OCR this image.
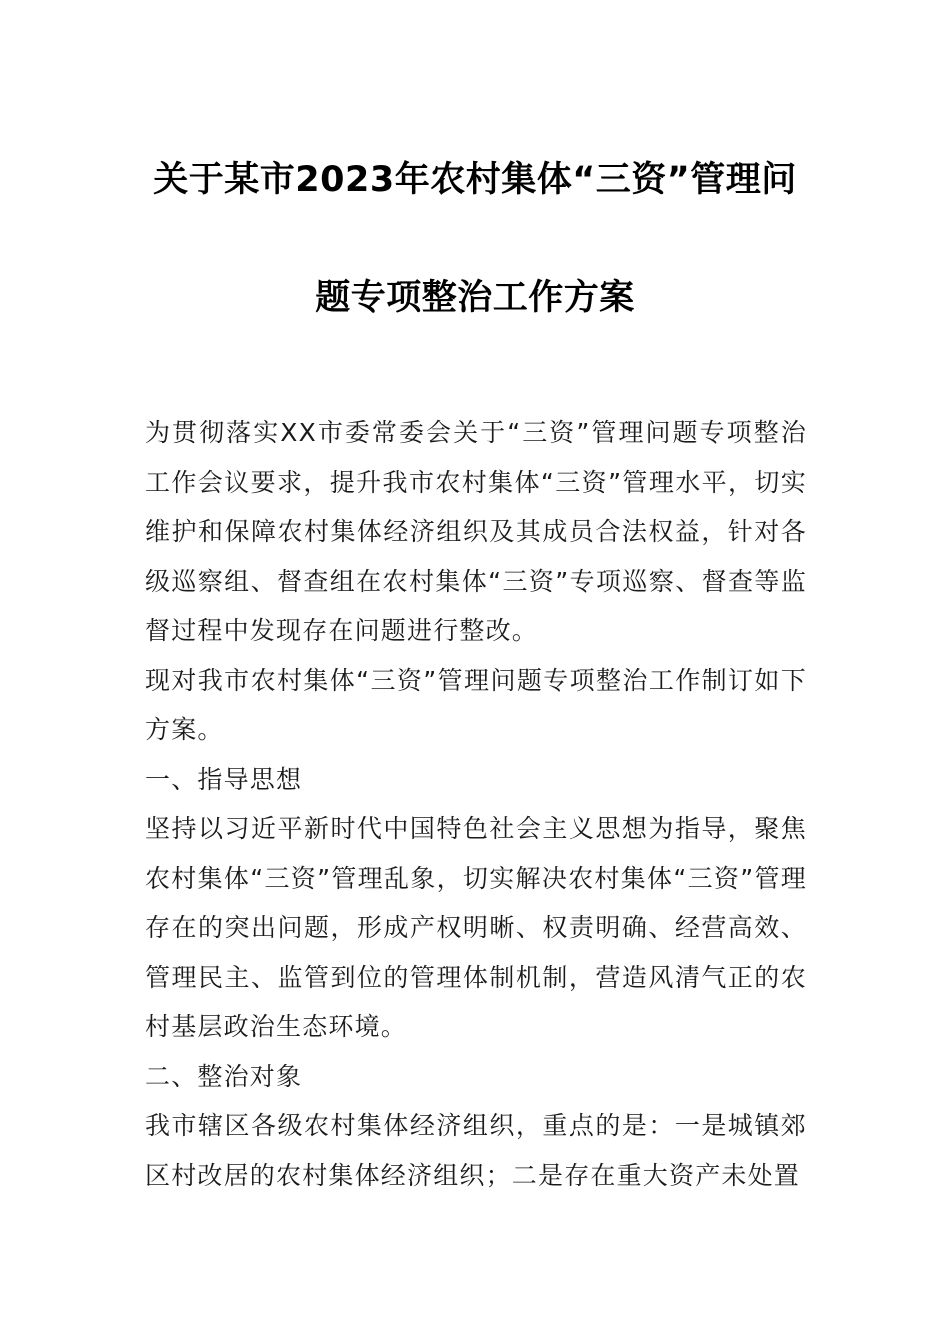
关于某市2023年农村集体“三资”管理问
题专项整治工作方案

为贯彻落实XX市委常委会关于“三资”管理问题专项整治工作会议要求，提升我市农村集体“三资”管理水平，切实维护和保障农村集体经济组织及其成员合法权益，针对各级巡察组、督查组在农村集体“三资”专项巡察、督查等监督过程中发现存在问题进行整改。

现对我市农村集体“三资”管理问题专项整治工作制订如下方案。

一、指导思想

坚持以习近平新时代中国特色社会主义思想为指导，聚焦农村集体“三资”管理乱象，切实解决农村集体“三资”管理存在的突出问题，形成产权明晰、权责明确、经营高效、管理民主、监管到位的管理体制机制，营造风清气正的农村基层政治生态环境。

二、整治对象

我市辖区各级农村集体经济组织，重点的是：一是城镇郊区村改居的农村集体经济组织；二是存在重大资产未处置
